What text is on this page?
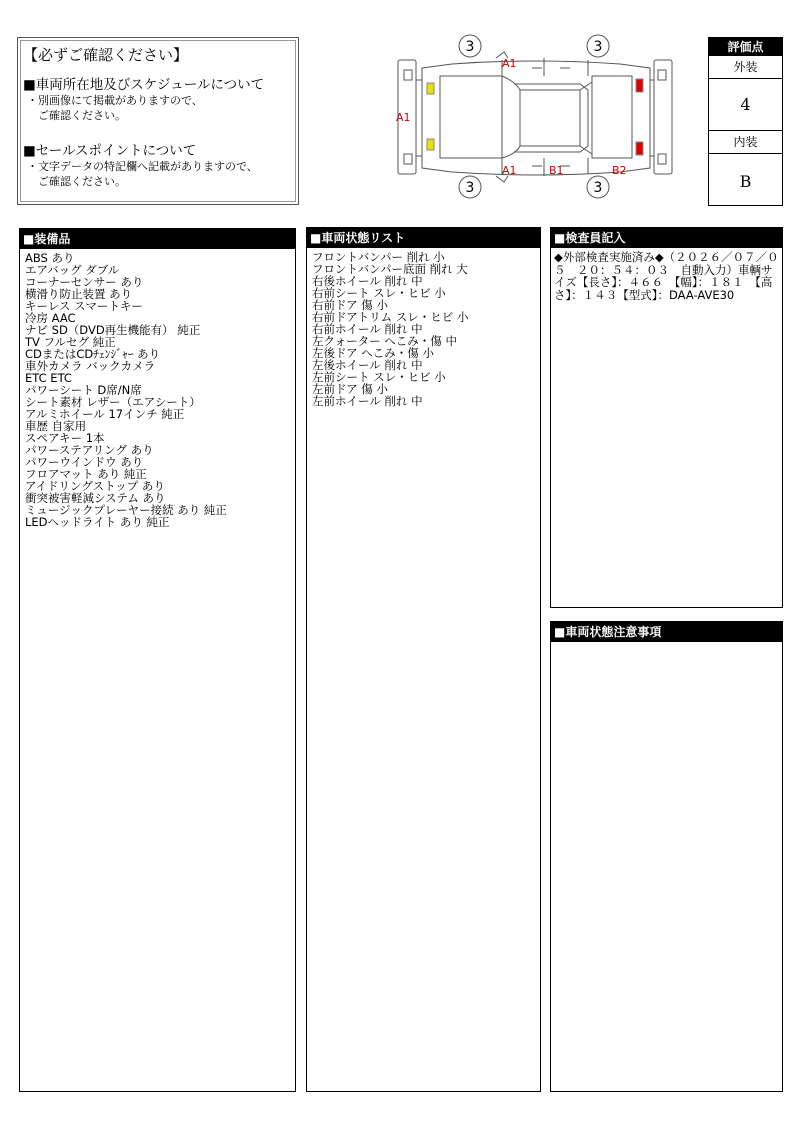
【必ずご確認ください】
■車両所在地及びスケジュールについて
・別画像にて掲載がありますので、
　ご確認ください。
■セールスポイントについて
・文字データの特記欄へ記載がありますので、
　ご確認ください。
3	3
3	3
A1
A1
A1	B1	B2
評価点
外装
4
内装
B
■装備品
ABS あり
エアバッグ ダブル
コーナーセンサー あり
横滑り防止装置 あり
キーレス スマートキー
冷房 AAC
ナビ SD（DVD再生機能有） 純正
TV フルセグ 純正
CDまたはCDﾁｪﾝｼﾞｬｰ あり
車外カメラ バックカメラ
ETC ETC
パワーシート D席/N席
シート素材 レザー（エアシート）
アルミホイール 17インチ 純正
車歴 自家用
スペアキー 1本
パワーステアリング あり
パワーウインドウ あり
フロアマット あり 純正
アイドリングストップ あり
衝突被害軽減システム あり
ミュージックプレーヤー接続 あり 純正
LEDヘッドライト あり 純正
■車両状態リスト
フロントバンパー 削れ 小
フロントバンパー底面 削れ 大
右後ホイール 削れ 中
右前シート スレ・ヒビ 小
右前ドア 傷 小
右前ドアトリム スレ・ヒビ 小
右前ホイール 削れ 中
左クォーター へこみ・傷 中
左後ドア へこみ・傷 小
左後ホイール 削れ 中
左前シート スレ・ヒビ 小
左前ドア 傷 小
左前ホイール 削れ 中
■検査員記入
◆外部検査実施済み◆（２０２６／０７／０５　２０：５４：０３　自動入力）車輌サイズ【長さ】：４６６　【幅】：１８１　【高さ】：１４３【型式】：DAA-AVE30
■車両状態注意事項
